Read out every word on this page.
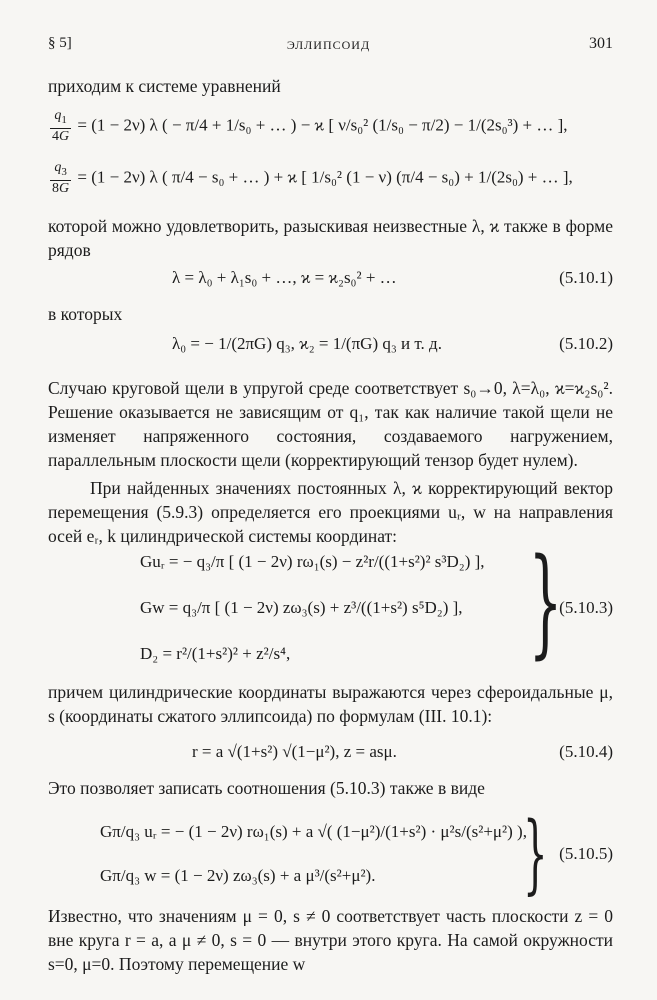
§ 5]	ЭЛЛИПСОИД	301
приходим к системе уравнений
$\frac{q_1}{4G} = (1 - 2\nu)$ λ ( − π/4 + 1/s₀ + … ) − ϰ [ ν/s₀² (1/s₀ − π/2) − 1/(2s₀³) + … ],
$\frac{q_3}{8G} = (1 - 2\nu)$ λ ( π/4 − s₀ + … ) + ϰ [ 1/s₀² (1 − ν) (π/4 − s₀) + 1/(2s₀) + … ],
которой можно удовлетворить, разыскивая неизвестные λ, ϰ также в форме рядов
λ = λ₀ + λ₁s₀ + …, ϰ = ϰ₂s₀² + …	(5.10.1)
в которых
λ₀ = − 1/(2πG) q₃, ϰ₂ = 1/(πG) q₃ и т. д.	(5.10.2)
Случаю круговой щели в упругой среде соответствует s₀→0, λ=λ₀, ϰ=ϰ₂s₀². Решение оказывается не зависящим от q₁, так как наличие такой щели не изменяет напряженного состояния, создаваемого нагружением, параллельным плоскости щели (корректирующий тензор будет нулем).
При найденных значениях постоянных λ, ϰ корректирующий вектор перемещения (5.9.3) определяется его проекциями uᵣ, w на направления осей eᵣ, k цилиндрической системы координат:
Guᵣ = − q₃/π [ (1 − 2ν) rω₁(s) − z²r/((1+s²)² s³D₂) ],
Gw = q₃/π [ (1 − 2ν) zω₃(s) + z³/((1+s²) s⁵D₂) ],
D₂ = r²/(1+s²)² + z²/s⁴, }
(5.10.3)
причем цилиндрические координаты выражаются через сфероидальные μ, s (координаты сжатого эллипсоида) по формулам (III. 10.1):
r = a √(1+s²) √(1−μ²), z = asμ.	(5.10.4)
Это позволяет записать соотношения (5.10.3) также в виде
Gπ/q₃ uᵣ = − (1 − 2ν) rω₁(s) + a √( (1−μ²)/(1+s²) · μ²s/(s²+μ²) ),
Gπ/q₃ w = (1 − 2ν) zω₃(s) + a μ³/(s²+μ²). } (5.10.5)
Известно, что значениям μ = 0, s ≠ 0 соответствует часть плоскости z = 0 вне круга r = a, а μ ≠ 0, s = 0 — внутри этого круга. На самой окружности s=0, μ=0. Поэтому перемещение w
